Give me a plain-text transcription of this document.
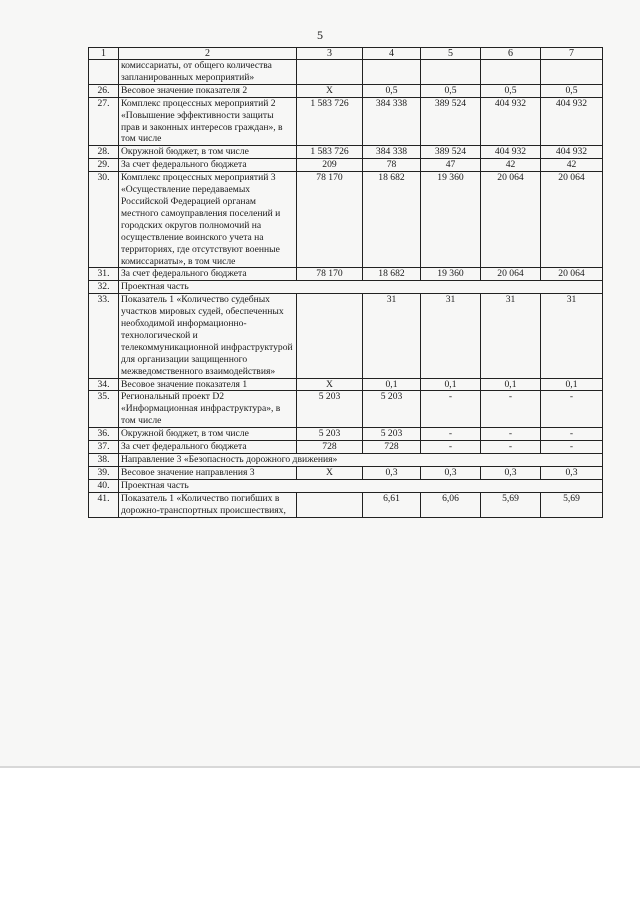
5
1	2	3	4	5	6	7
	комиссариаты, от общего количества запланированных мероприятий»					
26.	Весовое значение показателя 2	Х	0,5	0,5	0,5	0,5
27.	Комплекс процессных мероприятий 2 «Повышение эффективности защиты прав и законных интересов граждан», в том числе	1 583 726	384 338	389 524	404 932	404 932
28.	Окружной бюджет, в том числе	1 583 726	384 338	389 524	404 932	404 932
29.	За счет федерального бюджета	209	78	47	42	42
30.	Комплекс процессных мероприятий 3 «Осуществление передаваемых Российской Федерацией органам местного самоуправления поселений и городских округов полномочий на осуществление воинского учета на территориях, где отсутствуют военные комиссариаты», в том числе	78 170	18 682	19 360	20 064	20 064
31.	За счет федерального бюджета	78 170	18 682	19 360	20 064	20 064
32.	Проектная часть					
33.	Показатель 1 «Количество судебных участков мировых судей, обеспеченных необходимой информационно-технологической и телекоммуникационной инфраструктурой для организации защищенного межведомственного взаимодействия»		31	31	31	31
34.	Весовое значение показателя 1	Х	0,1	0,1	0,1	0,1
35.	Региональный проект D2 «Информационная инфраструктура», в том числе	5 203	5 203	-	-	-
36.	Окружной бюджет, в том числе	5 203	5 203	-	-	-
37.	За счет федерального бюджета	728	728	-	-	-
38.	Направление 3 «Безопасность дорожного движения»					
39.	Весовое значение направления 3	Х	0,3	0,3	0,3	0,3
40.	Проектная часть					
41.	Показатель 1 «Количество погибших в дорожно-транспортных происшествиях,		6,61	6,06	5,69	5,69
